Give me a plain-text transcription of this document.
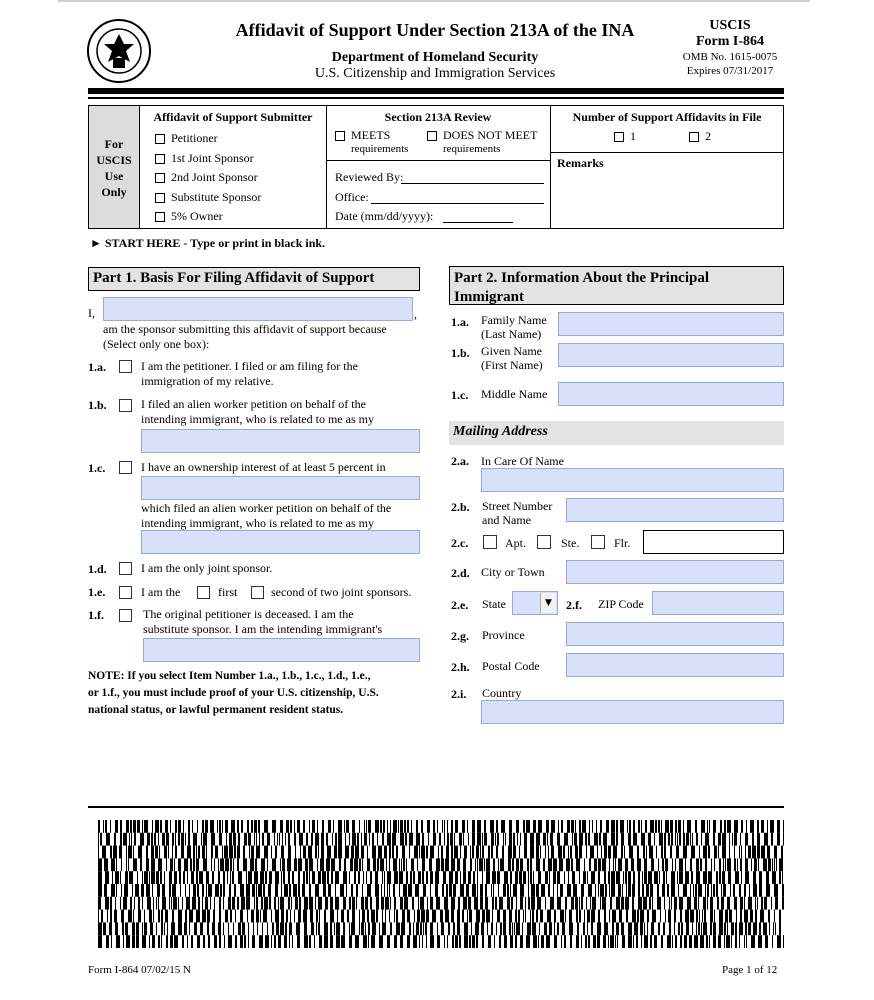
Affidavit of Support Under Section 213A of the INA
Department of Homeland Security
U.S. Citizenship and Immigration Services
USCIS
Form I-864
OMB No. 1615-0075
Expires 07/31/2017
For
USCIS
Use
Only
Affidavit of Support Submitter
Petitioner
1st Joint Sponsor
2nd Joint Sponsor
Substitute Sponsor
5% Owner
Section 213A Review
MEETS
requirements
DOES NOT MEET
requirements
Reviewed By:
Office:
Date (mm/dd/yyyy):
Number of Support Affidavits in File
1	2
Remarks
► START HERE - Type or print in black ink.
Part 1. Basis For Filing Affidavit of Support
I,	,
am the sponsor submitting this affidavit of support because
(Select only one box):
1.a.	I am the petitioner. I filed or am filing for the
immigration of my relative.
1.b.	I filed an alien worker petition on behalf of the
intending immigrant, who is related to me as my
1.c.	I have an ownership interest of at least 5 percent in
which filed an alien worker petition on behalf of the
intending immigrant, who is related to me as my
1.d.	I am the only joint sponsor.
1.e.	I am the	first	second of two joint sponsors.
1.f.	The original petitioner is deceased. I am the
substitute sponsor. I am the intending immigrant's
NOTE: If you select Item Number 1.a., 1.b., 1.c., 1.d., 1.e.,
or 1.f., you must include proof of your U.S. citizenship, U.S.
national status, or lawful permanent resident status.
Part 2. Information About the Principal
Immigrant
1.a. Family Name
(Last Name)
1.b. Given Name
(First Name)
1.c. Middle Name
Mailing Address
2.a. In Care Of Name
2.b. Street Number
and Name
2.c.	Apt.	Ste.	Flr.
2.d. City or Town
2.e. State	▼	2.f. ZIP Code
2.g. Province
2.h. Postal Code
2.i. Country
Form I-864 07/02/15 N	Page 1 of 12
